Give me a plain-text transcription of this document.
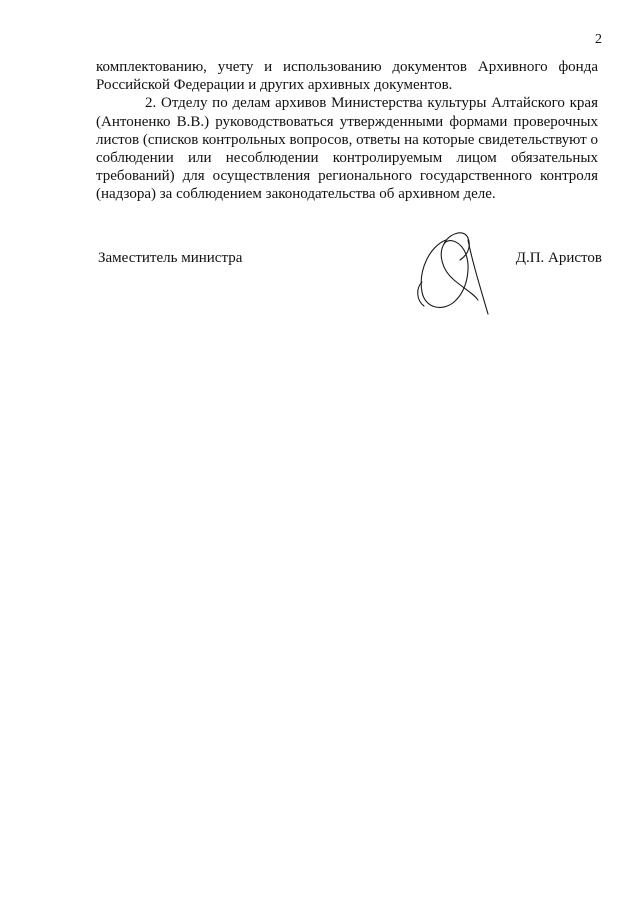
2

комплектованию, учету и использованию документов Архивного фонда Российской Федерации и других архивных документов.

2. Отделу по делам архивов Министерства культуры Алтайского края (Антоненко В.В.) руководствоваться утвержденными формами проверочных листов (списков контрольных вопросов, ответы на которые свидетельствуют о соблюдении или несоблюдении контролируемым лицом обязательных требований) для осуществления регионального государственного контроля (надзора) за соблюдением законодательства об архивном деле.

Заместитель министра	Д.П. Аристов
